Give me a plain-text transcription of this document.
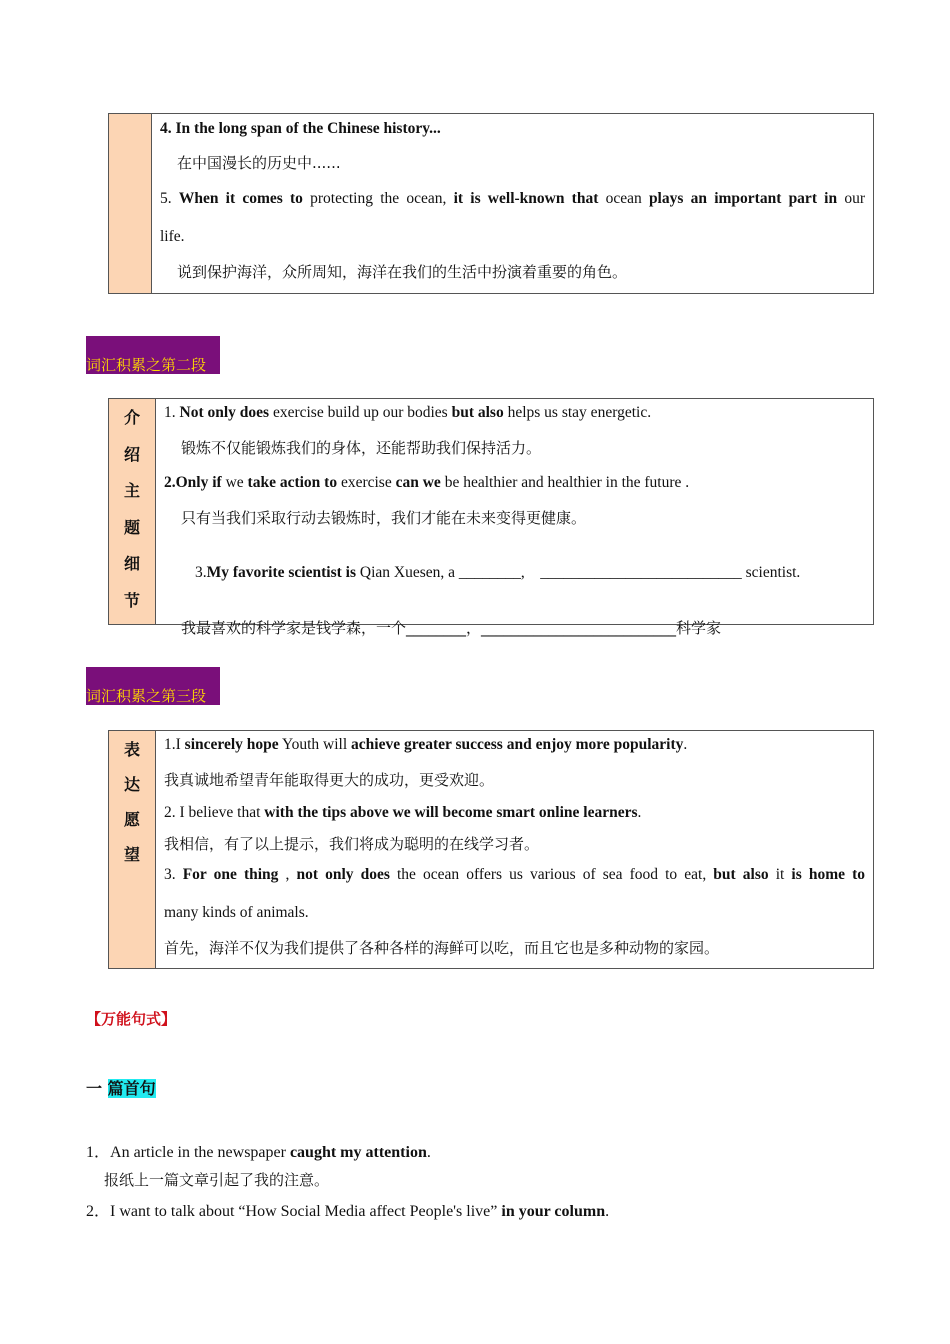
4. In the long span of the Chinese history...
在中国漫长的历史中......
5. When it comes to protecting the ocean, it is well-known that ocean plays an important part in our
life.
说到保护海洋，众所周知，海洋在我们的生活中扮演着重要的角色。
词汇积累之第二段
介
绍
主
题
细
节
1. Not only does exercise build up our bodies but also helps us stay energetic.
锻炼不仅能锻炼我们的身体，还能帮助我们保持活力。
2.Only if we take action to exercise can we be healthier and healthier in the future .
只有当我们采取行动去锻炼时，我们才能在未来变得更健康。

3.My favorite scientist is Qian Xuesen, a ________,    __________________________ scientist.

我最喜欢的科学家是钱学森，一个________，__________________________科学家
词汇积累之第三段
表
达
愿
望
1.I sincerely hope Youth will achieve greater success and enjoy more popularity.
我真诚地希望青年能取得更大的成功，更受欢迎。
2. I believe that with the tips above we will become smart online learners.
我相信，有了以上提示，我们将成为聪明的在线学习者。
3. For one thing , not only does the ocean offers us various of sea food to eat, but also it is home to
many kinds of animals.
首先，海洋不仅为我们提供了各种各样的海鲜可以吃，而且它也是多种动物的家园。
【万能句式】
一 篇首句
1．An article in the newspaper caught my attention.
报纸上一篇文章引起了我的注意。
2．I want to talk about “How Social Media affect People's live” in your column.
